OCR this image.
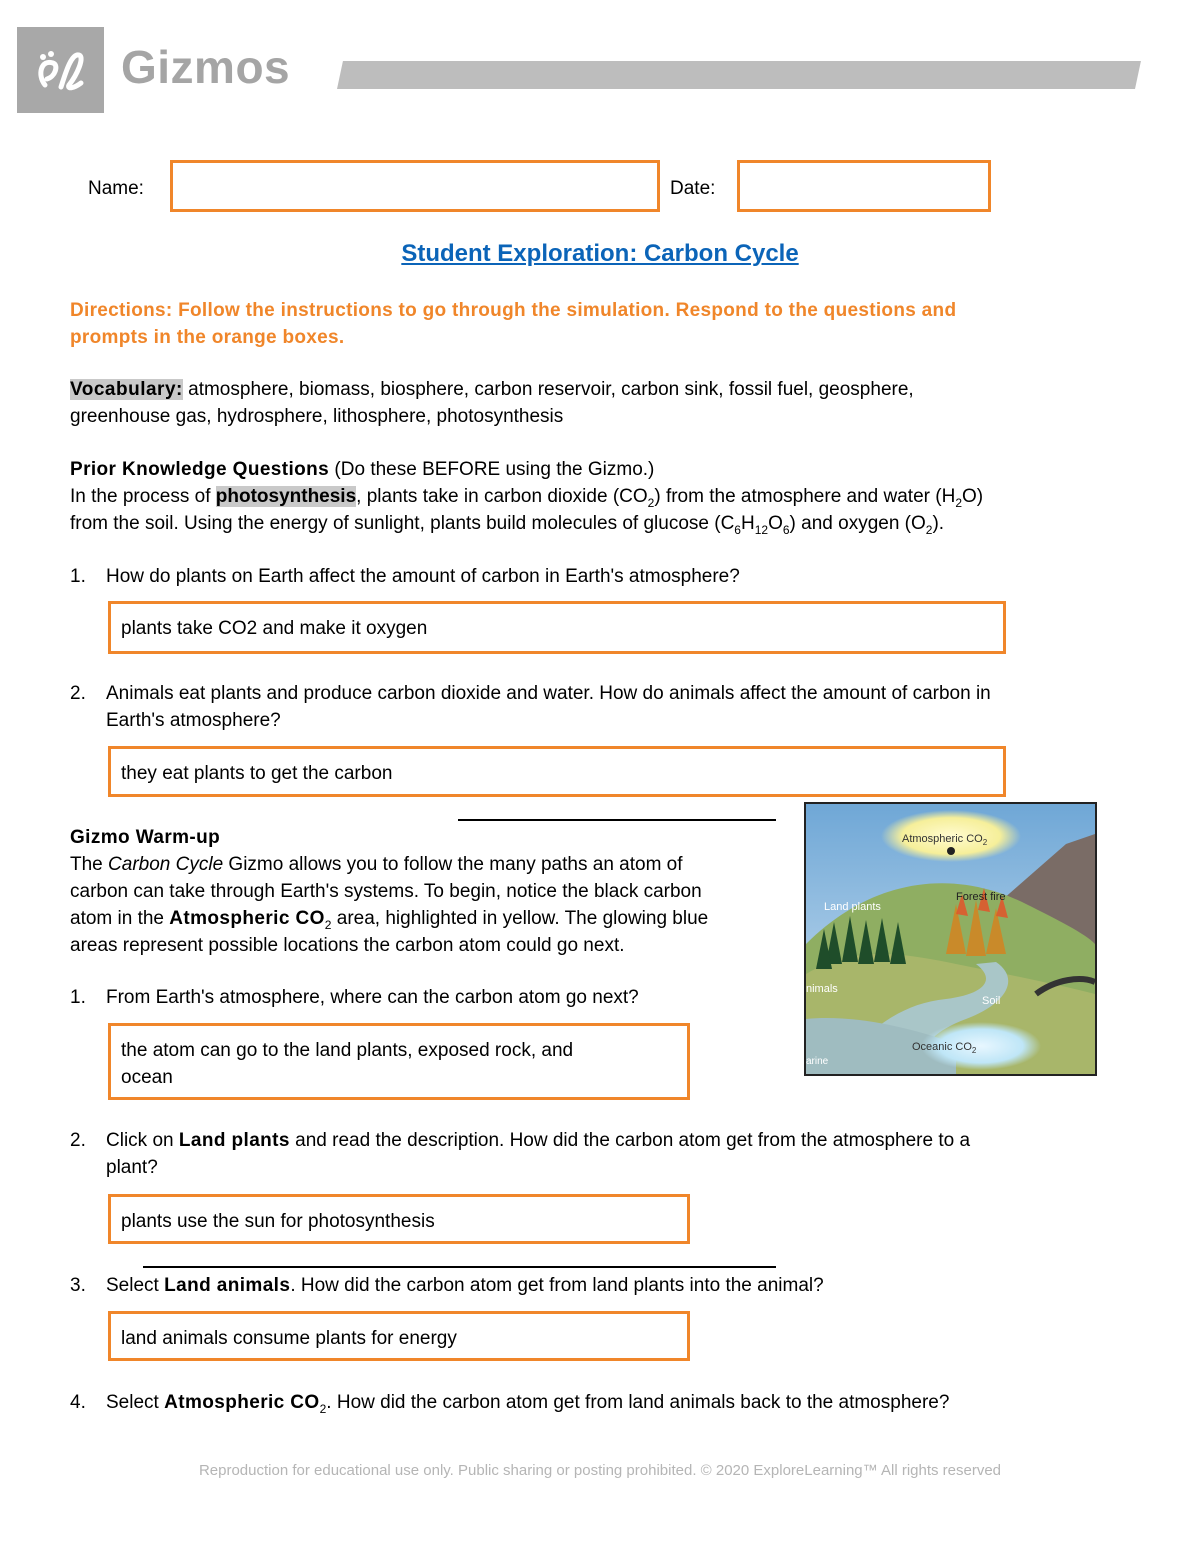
Gizmos
Name:	Date:
Student Exploration: Carbon Cycle
Directions: Follow the instructions to go through the simulation. Respond to the questions and
prompts in the orange boxes.
Vocabulary: atmosphere, biomass, biosphere, carbon reservoir, carbon sink, fossil fuel, geosphere,
greenhouse gas, hydrosphere, lithosphere, photosynthesis
Prior Knowledge Questions (Do these BEFORE using the Gizmo.)
In the process of photosynthesis, plants take in carbon dioxide $(CO_2)$ from the atmosphere and water $(H_2O)$
from the soil. Using the energy of sunlight, plants build molecules of glucose $(C_6H_{12}O_6)$ and oxygen $(O_2)$.
1. How do plants on Earth affect the amount of carbon in Earth's atmosphere?
plants take CO2 and make it oxygen
2. Animals eat plants and produce carbon dioxide and water. How do animals affect the amount of carbon in
Earth's atmosphere?
they eat plants to get the carbon
Gizmo Warm-up
The Carbon Cycle Gizmo allows you to follow the many paths an atom of
carbon can take through Earth's systems. To begin, notice the black carbon
atom in the Atmospheric $CO_2$ area, highlighted in yellow. The glowing blue
areas represent possible locations the carbon atom could go next.
Atmospheric $CO_2$
Forest fire
Land plants
nimals
Soil
Oceanic $CO_2$
arine
1. From Earth's atmosphere, where can the carbon atom go next?
the atom can go to the land plants, exposed rock, and
ocean
2. Click on Land plants and read the description. How did the carbon atom get from the atmosphere to a
plant?
plants use the sun for photosynthesis
3. Select Land animals. How did the carbon atom get from land plants into the animal?
land animals consume plants for energy
4. Select Atmospheric $CO_2$. How did the carbon atom get from land animals back to the atmosphere?
Reproduction for educational use only. Public sharing or posting prohibited. © 2020 ExploreLearning™ All rights reserved
